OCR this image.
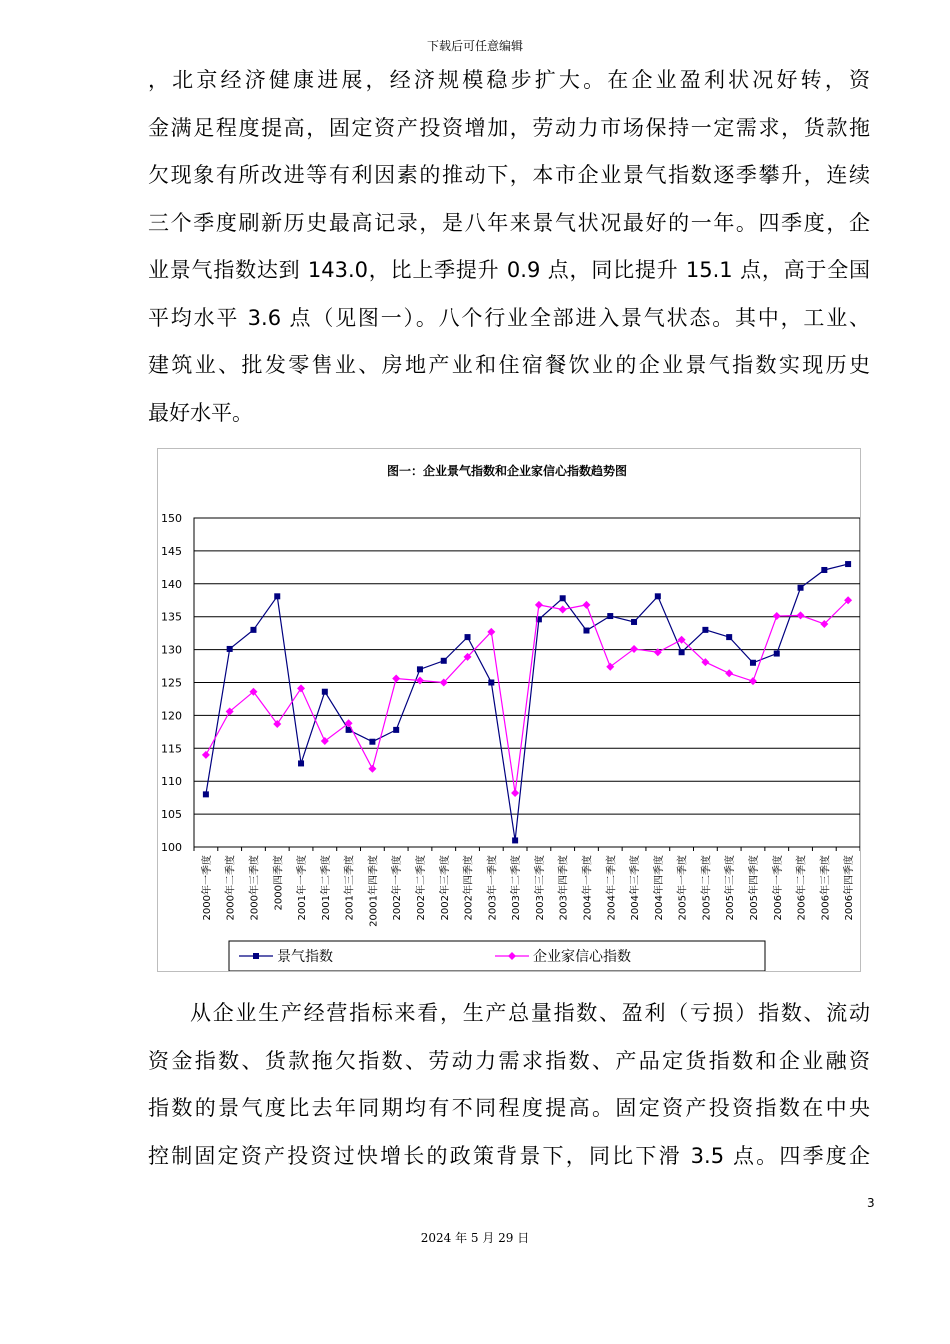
下载后可任意编辑
，北京经济健康进展，经济规模稳步扩大。在企业盈利状况好转，资
金满足程度提高，固定资产投资增加，劳动力市场保持一定需求，货款拖
欠现象有所改进等有利因素的推动下，本市企业景气指数逐季攀升，连续
三个季度刷新历史最高记录，是八年来景气状况最好的一年。四季度，企
业景气指数达到 143.0，比上季提升 0.9 点，同比提升 15.1 点，高于全国
平均水平 3.6 点（见图一）。八个行业全部进入景气状态。其中，工业、
建筑业、批发零售业、房地产业和住宿餐饮业的企业景气指数实现历史
最好水平。
图一：企业景气指数和企业家信心指数趋势图
100
105
110
115
120
125
130
135
140
145
150
2000年一季度 2000年二季度 2000年三季度 2000四季度 2001年一季度 2001年二季度 2001年三季度 20001年四季度 2002年一季度 2002年二季度 2002年三季度 2002年四季度 2003年一季度 2003年二季度 2003年三季度 2003年四季度 2004年一季度 2004年二季度 2004年三季度 2004年四季度 2005年一季度 2005年二季度 2005年三季度 2005年四季度 2006年一季度 2006年二季度 2006年三季度 2006年四季度
景气指数	企业家信心指数
从企业生产经营指标来看，生产总量指数、盈利（亏损）指数、流动
资金指数、货款拖欠指数、劳动力需求指数、产品定货指数和企业融资
指数的景气度比去年同期均有不同程度提高。固定资产投资指数在中央
控制固定资产投资过快增长的政策背景下，同比下滑 3.5 点。四季度企
3
2024 年 5 月 29 日
